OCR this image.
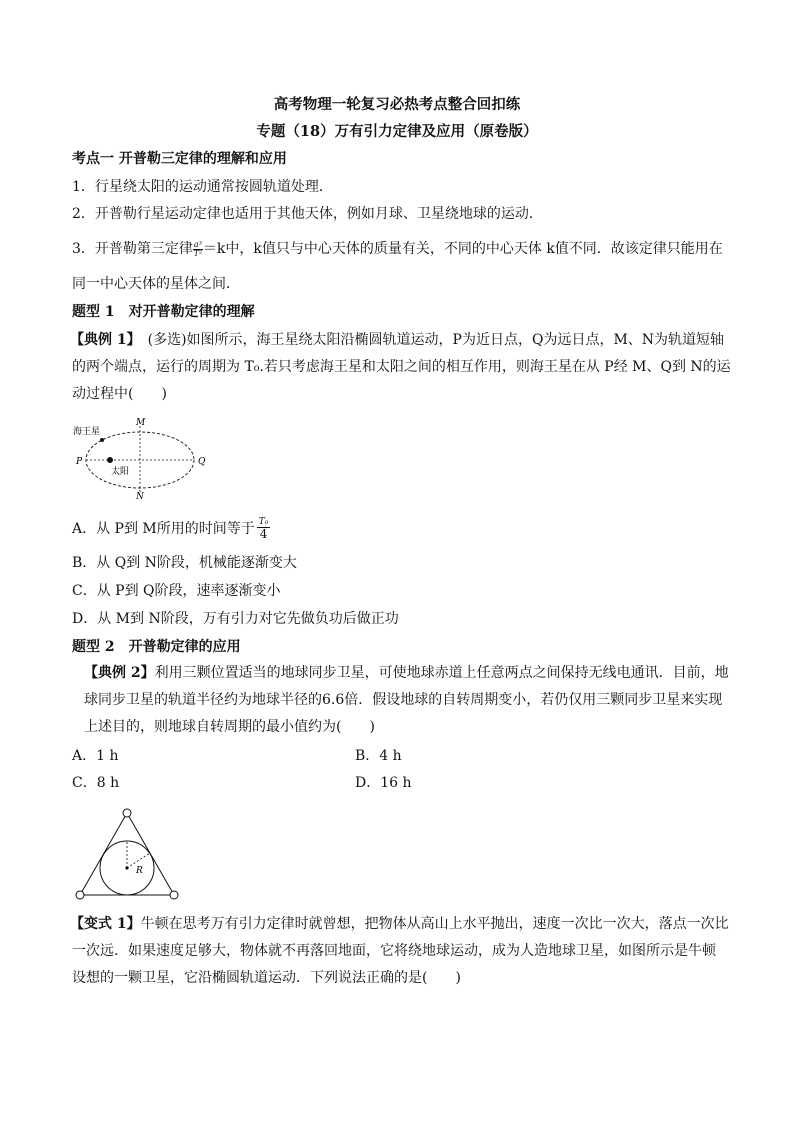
高考物理一轮复习必热考点整合回扣练
专题（18）万有引力定律及应用（原卷版）
考点一 开普勒三定律的理解和应用
1．行星绕太阳的运动通常按圆轨道处理．
2．开普勒行星运动定律也适用于其他天体，例如月球、卫星绕地球的运动．
3．开普勒第三定律 $\frac{\text{a³}}{\text{T²}} =k$中，k值只与中心天体的质量有关，不同的中心天体 k值不同．故该定律只能用在
同一中心天体的星体之间．
题型 1　对开普勒定律的理解
【典例 1】　(多选)如图所示，海王星绕太阳沿椭圆轨道运动，P为近日点，Q为远日点，M、N为轨道短轴
的两个端点，运行的周期为 T₀.若只考虑海王星和太阳之间的相互作用，则海王星在从 P经 M、Q到 N的运
动过程中(　　)
M
N
P	Q
海王星
太阳
A．从 P到 M所用的时间等于 T₀
4
B．从 Q到 N阶段，机械能逐渐变大
C．从 P到 Q阶段，速率逐渐变小
D．从 M到 N阶段，万有引力对它先做负功后做正功
题型 2　开普勒定律的应用
【典例 2】利用三颗位置适当的地球同步卫星，可使地球赤道上任意两点之间保持无线电通讯．目前，地
球同步卫星的轨道半径约为地球半径的6.6倍．假设地球的自转周期变小，若仍仅用三颗同步卫星来实现
上述目的，则地球自转周期的最小值约为(　　)
A．1 h	B．4 h
C．8 h	D．16 h
R
【变式 1】牛顿在思考万有引力定律时就曾想，把物体从高山上水平抛出，速度一次比一次大，落点一次比
一次远．如果速度足够大，物体就不再落回地面，它将绕地球运动，成为人造地球卫星，如图所示是牛顿
设想的一颗卫星，它沿椭圆轨道运动．下列说法正确的是(　　)
